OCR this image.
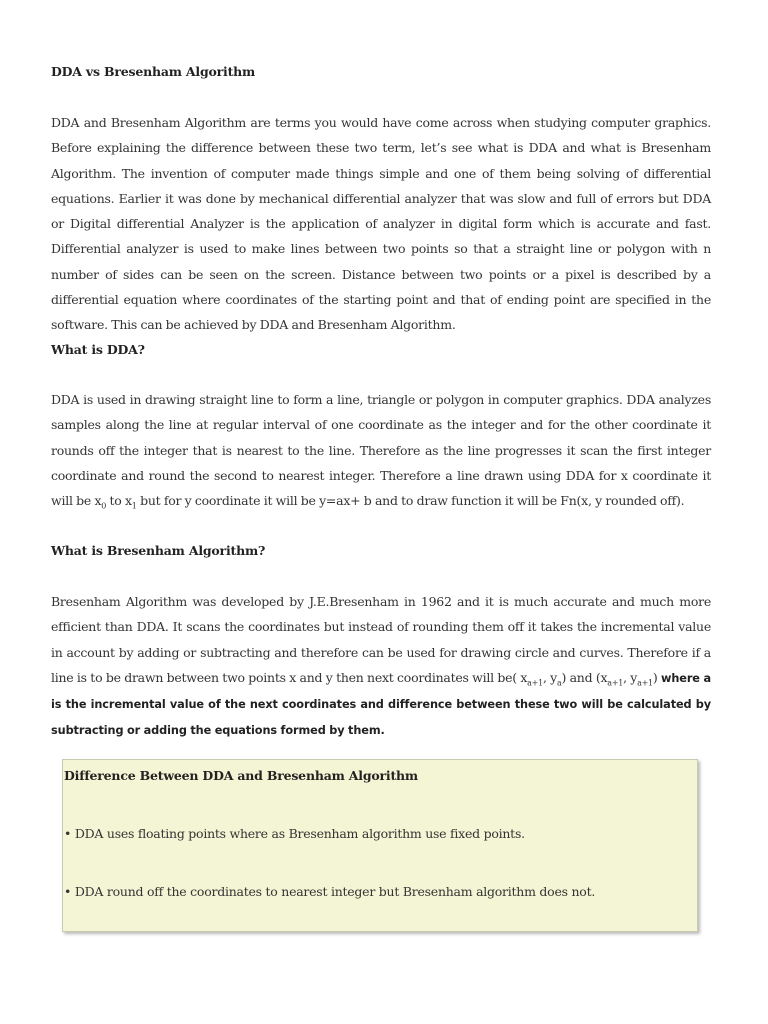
DDA vs Bresenham Algorithm
DDA and Bresenham Algorithm are terms you would have come across when studying computer graphics. Before explaining the difference between these two term, let’s see what is DDA and what is Bresenham Algorithm. The invention of computer made things simple and one of them being solving of differential equations. Earlier it was done by mechanical differential analyzer that was slow and full of errors but DDA or Digital differential Analyzer is the application of analyzer in digital form which is accurate and fast. Differential analyzer is used to make lines between two points so that a straight line or polygon with n number of sides can be seen on the screen. Distance between two points or a pixel is described by a differential equation where coordinates of the starting point and that of ending point are specified in the software. This can be achieved by DDA and Bresenham Algorithm.
What is DDA?
DDA is used in drawing straight line to form a line, triangle or polygon in computer graphics. DDA analyzes samples along the line at regular interval of one coordinate as the integer and for the other coordinate it rounds off the integer that is nearest to the line. Therefore as the line progresses it scan the first integer coordinate and round the second to nearest integer. Therefore a line drawn using DDA for x coordinate it will be $x_0$ to $x_1$ but for y coordinate it will be y=ax+ b and to draw function it will be Fn(x, y rounded off).
What is Bresenham Algorithm?
Bresenham Algorithm was developed by J.E.Bresenham in 1962 and it is much accurate and much more efficient than DDA. It scans the coordinates but instead of rounding them off it takes the incremental value in account by adding or subtracting and therefore can be used for drawing circle and curves. Therefore if a line is to be drawn between two points x and y then next coordinates will be( $x_{a+1}$, $y_a$) and ($x_{a+1}$, $y_{a+1}$) where a is the incremental value of the next coordinates and difference between these two will be calculated by subtracting or adding the equations formed by them.
Difference Between DDA and Bresenham Algorithm
• DDA uses floating points where as Bresenham algorithm use fixed points.
• DDA round off the coordinates to nearest integer but Bresenham algorithm does not.
